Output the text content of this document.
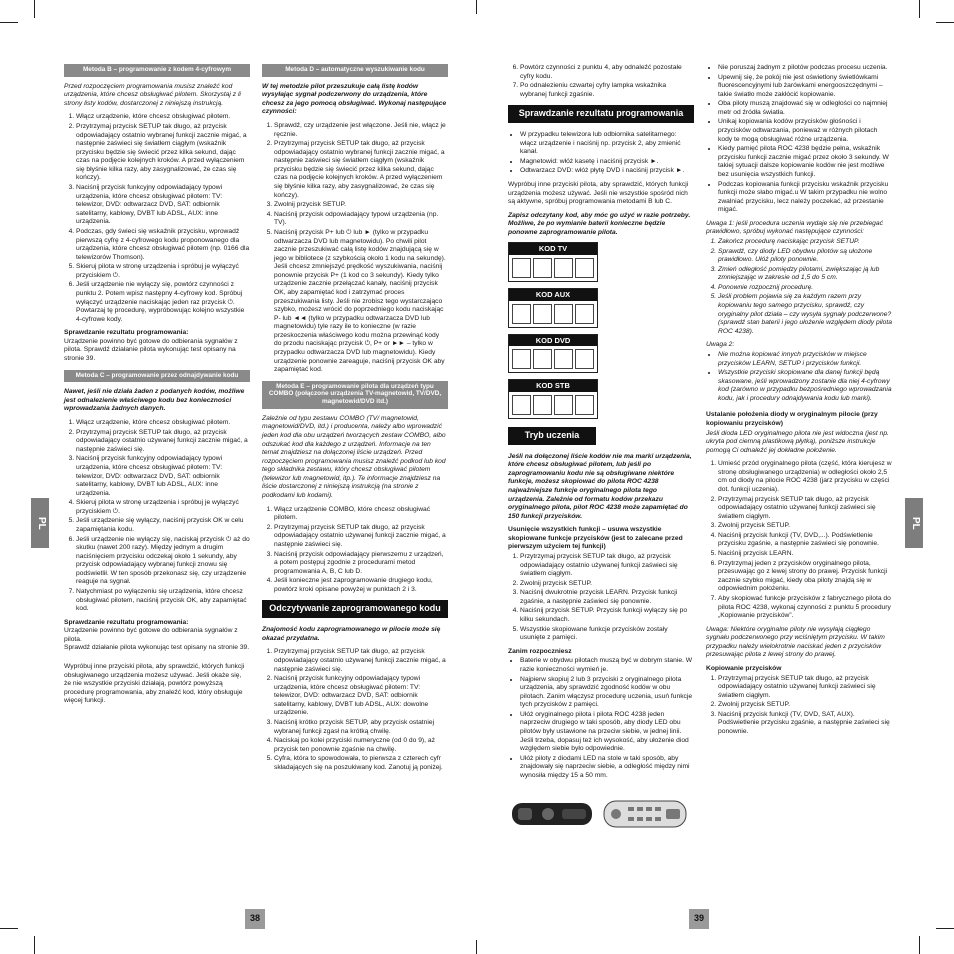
PL	PL
38	39
Metoda B – programowanie z kodem 4-cyfrowym

Przed rozpoczęciem programowania musisz znaleźć kod urządzenia, które chcesz obsługiwać pilotem. Skorzystaj z li strony listy kodów, dostarczonej z niniejszą instrukcją.

1. Włącz urządzenie, które chcesz obsługiwać pilotem.
2. Przytrzymaj przycisk SETUP tak długo, aż przycisk odpowiadający ostatnio wybranej funkcji zacznie migać, a następnie zaświeci się światłem ciągłym (wskaźnik przycisku będzie się świecić przez kilka sekund, dając czas na podjęcie kolejnych kroków. A przed wyłączeniem się błyśnie kilka razy, aby zasygnalizować, że czas się kończy).
3. Naciśnij przycisk funkcyjny odpowiadający typowi urządzenia, które chcesz obsługiwać pilotem: TV: telewizor, DVD: odtwarzacz DVD, SAT: odbiornik satelitarny, kablowy, DVBT lub ADSL, AUX: inne urządzenia.
4. Podczas, gdy świeci się wskaźnik przycisku, wprowadź pierwszą cyfrę z 4-cyfrowego kodu proponowanego dla urządzenia, które chcesz obsługiwać pilotem (np. 0166 dla telewizorów Thomson).
5. Skieruj pilota w stronę urządzenia i spróbuj je wyłączyć przyciskiem ⏻.
6. Jeśli urządzenie nie wyłączy się, powtórz czynności z punktu 2. Potem wpisz następny 4-cyfrowy kod. Spróbuj wyłączyć urządzenie naciskając jeden raz przycisk ⏻. Powtarzaj tę procedurę, wypróbowując kolejno wszystkie 4-cyfrowe kody.

Sprawdzanie rezultatu programowania:

Urządzenie powinno być gotowe do odbierania sygnałów z pilota. Sprawdź działanie pilota wykonując test opisany na stronie 39.

Metoda C – programowanie przez odnajdywanie kodu

Nawet, jeśli nie działa żaden z podanych kodów, możliwe jest odnalezienie właściwego kodu bez konieczności wprowadzania żadnych danych.

1. Włącz urządzenie, które chcesz obsługiwać pilotem.
2. Przytrzymaj przycisk SETUP tak długo, aż przycisk odpowiadający ostatnio używanej funkcji zacznie migać, a następnie zaświeci się.
3. Naciśnij przycisk funkcyjny odpowiadający typowi urządzenia, które chcesz obsługiwać pilotem: TV: telewizor, DVD: odtwarzacz DVD, SAT: odbiornik satelitarny, kablowy, DVBT lub ADSL, AUX: inne urządzenia.
4. Skieruj pilota w stronę urządzenia i spróbuj je wyłączyć przyciskiem ⏻.
5. Jeśli urządzenie się wyłączy, naciśnij przycisk OK w celu zapamiętania kodu.
6. Jeśli urządzenie nie wyłączy się, naciskaj przycisk ⏻ aż do skutku (nawet 200 razy). Między jednym a drugim naciśnięciem przycisku odczekaj około 1 sekundy, aby przycisk odpowiadający wybranej funkcji znowu się podświetlił. W ten sposób przekonasz się, czy urządzenie reaguje na sygnał.
7. Natychmiast po wyłączeniu się urządzenia, które chcesz obsługiwać pilotem, naciśnij przycisk OK, aby zapamiętać kod.

Sprawdzanie rezultatu programowania:

Urządzenie powinno być gotowe do odbierania sygnałów z pilota.

Sprawdź działanie pilota wykonując test opisany na stronie 39.

Wypróbuj inne przyciski pilota, aby sprawdzić, których funkcji obsługiwanego urządzenia możesz używać. Jeśli okaże się, że nie wszystkie przyciski działają, powtórz powyższą procedurę programowania, aby znaleźć kod, który obsługuje więcej funkcji.

Metoda D – automatyczne wyszukiwanie kodu

W tej metodzie pilot przeszukuje całą listę kodów wysyłając sygnał podczerwony do urządzenia, które chcesz za jego pomocą obsługiwać. Wykonaj następujące czynności:

1. Sprawdź, czy urządzenie jest włączone. Jeśli nie, włącz je ręcznie.
2. Przytrzymaj przycisk SETUP tak długo, aż przycisk odpowiadający ostatnio wybranej funkcji zacznie migać, a następnie zaświeci się światłem ciągłym (wskaźnik przycisku będzie się świecić przez kilka sekund, dając czas na podjęcie kolejnych kroków. A przed wyłączeniem się błyśnie kilka razy, aby zasygnalizować, że czas się kończy).
3. Zwolnij przycisk SETUP.
4. Naciśnij przycisk odpowiadający typowi urządzenia (np. TV).
5. Naciśnij przycisk P+ lub ⏻ lub ► (tylko w przypadku odtwarzacza DVD lub magnetowidu). Po chwili pilot zacznie przeszukiwać całą listę kodów znajdującą się w jego w bibliotece (z szybkością około 1 kodu na sekundę). Jeśli chcesz zmniejszyć prędkość wyszukiwania, naciśnij ponownie przycisk P+ (1 kod co 3 sekundy). Kiedy tylko urządzenie zacznie przełączać kanały, naciśnij przycisk OK, aby zapamiętać kod i zatrzymać proces przeszukiwania listy. Jeśli nie zrobisz tego wystarczająco szybko, możesz wrócić do poprzedniego kodu naciskając P- lub ◄◄ (tylko w przypadku odtwarzacza DVD lub magnetowidu) tyle razy ile to konieczne (w razie przeskoczenia właściwego kodu można przewinąć kody do przodu naciskając przycisk ⏻, P+ or ►► – tylko w przypadku odtwarzacza DVD lub magnetowidu). Kiedy urządzenie ponownie zareaguje, naciśnij przycisk OK aby zapamiętać kod.
Metoda E – programowanie pilota dla urządzeń typu COMBO (połączone urządzenia TV-magnetowid, TV/DVD, magnetowid/DVD itd.)

Zależnie od typu zestawu COMBO (TV/ magnetowid, magnetowid/DVD, itd.) i producenta, należy albo wprowadzić jeden kod dla obu urządzeń tworzących zestaw COMBO, albo odszukać kod dla każdego z urządzeń. Informacje na ten temat znajdziesz na dołączonej liście urządzeń. Przed rozpoczęciem programowania musisz znaleźć podkod lub kod tego składnika zestawu, który chcesz obsługiwać pilotem (telewizor lub magnetowid, itp.). Te informacje znajdziesz na liście dostarczonej z niniejszą instrukcją (na stronie z podkodami lub kodami).

1. Włącz urządzenie COMBO, które chcesz obsługiwać pilotem.
2. Przytrzymaj przycisk SETUP tak długo, aż przycisk odpowiadający ostatnio używanej funkcji zacznie migać, a następnie zaświeci się.
3. Naciśnij przycisk odpowiadający pierwszemu z urządzeń, a potem postępuj zgodnie z procedurami metod programowania A, B, C lub D.
4. Jeśli konieczne jest zaprogramowanie drugiego kodu, powtórz kroki opisane powyżej w punktach 2 i 3.
Odczytywanie zaprogramowanego kodu

Znajomość kodu zaprogramowanego w pilocie może się okazać przydatna.

1. Przytrzymaj przycisk SETUP tak długo, aż przycisk odpowiadający ostatnio używanej funkcji zacznie migać, a następnie zaświeci się.
2. Naciśnij przycisk funkcyjny odpowiadający typowi urządzenia, które chcesz obsługiwać pilotem: TV: telewizor, DVD: odtwarzacz DVD, SAT: odbiornik satelitarny, kablowy, DVBT lub ADSL, AUX: dowolne urządzenie.
3. Naciśnij krótko przycisk SETUP, aby przycisk ostatniej wybranej funkcji zgasł na krótką chwilę.
4. Naciskaj po kolei przyciski numeryczne (od 0 do 9), aż przycisk ten ponownie zgaśnie na chwilę.
5. Cyfra, która to spowodowała, to pierwsza z czterech cyfr składających się na poszukiwany kod. Zanotuj ją poniżej.
6. Powtórz czynności z punktu 4, aby odnaleźć pozostałe cyfry kodu.
7. Po odnalezieniu czwartej cyfry lampka wskaźnika wybranej funkcji zgaśnie.
Sprawdzanie rezultatu programowania
• W przypadku telewizora lub odbiornika satelitarnego: włącz urządzenie i naciśnij np. przycisk 2, aby zmienić kanał.
• Magnetowid: włóż kasetę i naciśnij przycisk ►.
• Odtwarzacz DVD: włóż płytę DVD i naciśnij przycisk ►.

Wypróbuj inne przyciski pilota, aby sprawdzić, których funkcji urządzenia możesz używać. Jeśli nie wszystkie spośród nich są aktywne, spróbuj programowania metodami B lub C.

Zapisz odczytany kod, aby móc go użyć w razie potrzeby. Możliwe, że po wymianie baterii konieczne będzie ponowne zaprogramowanie pilota.

KOD TV
KOD AUX
KOD DVD
KOD STB
Tryb uczenia

Jeśli na dołączonej liście kodów nie ma marki urządzenia, które chcesz obsługiwać pilotem, lub jeśli po zaprogramowaniu kodu nie są obsługiwane niektóre funkcje, możesz skopiować do pilota ROC 4238 najważniejsze funkcje oryginalnego pilota tego urządzenia. Zależnie od formatu kodów przekazu oryginalnego pilota, pilot ROC 4238 może zapamiętać do 150 funkcji przycisków.

Usunięcie wszystkich funkcji – usuwa wszystkie skopiowane funkcje przycisków (jest to zalecane przed pierwszym użyciem tej funkcji)

1. Przytrzymaj przycisk SETUP tak długo, aż przycisk odpowiadający ostatnio używanej funkcji zaświeci się światłem ciągłym.
2. Zwolnij przycisk SETUP.
3. Naciśnij dwukrotnie przycisk LEARN. Przycisk funkcji zgaśnie, a następnie zaświeci się ponownie.
4. Naciśnij przycisk SETUP. Przycisk funkcji wyłączy się po kilku sekundach.
5. Wszystkie skopiowane funkcje przycisków zostały usunięte z pamięci.

Zanim rozpoczniesz

• Baterie w obydwu pilotach muszą być w dobrym stanie. W razie konieczności wymień je.
• Najpierw skopiuj 2 lub 3 przyciski z oryginalnego pilota urządzenia, aby sprawdzić zgodność kodów w obu pilotach. Zanim włączysz procedurę uczenia, usuń funkcje tych przycisków z pamięci.
• Ułóż oryginalnego pilota i pilota ROC 4238 jeden naprzeciw drugiego w taki sposób, aby diody LED obu pilotów były ustawione na przeciw siebie, w jednej linii. Jeśli trzeba, dopasuj też ich wysokość, aby ułożenie diod względem siebie było odpowiednie.
• Ułóż piloty z diodami LED na stole w taki sposób, aby znajdowały się naprzeciw siebie, a odległość między nimi wynosiła między 15 a 50 mm.
• Nie poruszaj żadnym z pilotów podczas procesu uczenia.
• Upewnij się, że pokój nie jest oświetlony świetlówkami fluorescencyjnymi lub żarówkami energooszczędnymi – takie światło może zakłócić kopiowanie.
• Oba piloty muszą znajdować się w odległości co najmniej metr od źródła światła.
• Unikaj kopiowania kodów przycisków głośności i przycisków odtwarzania, ponieważ w różnych pilotach kody te mogą obsługiwać różne urządzenia.
• Kiedy pamięć pilota ROC 4238 będzie pełna, wskaźnik przycisku funkcji zacznie migać przez około 3 sekundy. W takiej sytuacji dalsze kopiowanie kodów nie jest możliwe bez usunięcia wszystkich funkcji.
• Podczas kopiowania funkcji przycisku wskaźnik przycisku funkcji może słabo migać.u W takim przypadku nie wolno zwalniać przycisku, lecz należy poczekać, aż przestanie migać.

Uwaga 1: jeśli procedura uczenia wydaje się nie przebiegać prawidłowo, spróbuj wykonać następujące czynności:

1. Zakończ procedurę naciskając przycisk SETUP.
2. Sprawdź, czy diody LED obydwu pilotów są ułożone prawidłowo. Ułóż piloty ponownie.
3. Zmień odległość pomiędzy pilotami, zwiększając ją lub zmniejszając w zakresie od 1,5 do 5 cm.
4. Ponownie rozpocznij procedurę.
5. Jeśli problem pojawia się za każdym razem przy kopiowaniu tego samego przycisku, sprawdź, czy oryginalny pilot działa – czy wysyła sygnały podczerwone? (sprawdź stan baterii i jego ułożenie względem diody pilota ROC 4238).

Uwaga 2:

• Nie można kopiować innych przycisków w miejsce przycisków LEARN, SETUP i przycisków funkcji.
• Wszystkie przyciski skopiowane dla danej funkcji będą skasowane, jeśli wprowadzony zostanie dla niej 4-cyfrowy kod (zarówno w przypadku bezpośredniego wprowadzania kodu, jak i procedury odnajdywania kodu lub marki).

Ustalanie położenia diody w oryginalnym pilocie (przy kopiowaniu przycisków)

Jeśli dioda LED oryginalnego pilota nie jest widoczna (jest np. ukryta pod ciemną plastikową płytką), poniższe instrukcje pomogą Ci odnaleźć jej dokładne położenie.

1. Umieść przód oryginalnego pilota (część, która kierujesz w stronę obsługiwanego urządzenia) w odległości około 2,5 cm od diody na pilocie ROC 4238 (jarz przycisku w części dot. funkcji uczenia).
2. Przytrzymaj przycisk SETUP tak długo, aż przycisk odpowiadający ostatnio używanej funkcji zaświeci się światłem ciągłym.
3. Zwolnij przycisk SETUP.
4. Naciśnij przycisk funkcji (TV, DVD,...). Podświetlenie przycisku zgaśnie, a następnie zaświeci się ponownie.
5. Naciśnij przycisk LEARN.
6. Przytrzymaj jeden z przycisków oryginalnego pilota, przesuwając go z lewej strony do prawej. Przycisk funkcji zacznie szybko migać, kiedy oba piloty znajdą się w odpowiednim położeniu.
7. Aby skopiować funkcje przycisków z fabrycznego pilota do pilota ROC 4238, wykonaj czynności z punktu 5 procedury „Kopiowanie przycisków”.

Uwaga: Niektóre oryginalne piloty nie wysyłają ciągłego sygnału podczerwonego przy wciśniętym przycisku. W takim przypadku należy wielokrotnie naciskać jeden z przycisków przesuwając pilota z lewej strony do prawej.

Kopiowanie przycisków

1. Przytrzymaj przycisk SETUP tak długo, aż przycisk odpowiadający ostatnio używanej funkcji zaświeci się światłem ciągłym.
2. Zwolnij przycisk SETUP.
3. Naciśnij przycisk funkcji (TV, DVD, SAT, AUX). Podświetlenie przycisku zgaśnie, a następnie zaświeci się ponownie.
